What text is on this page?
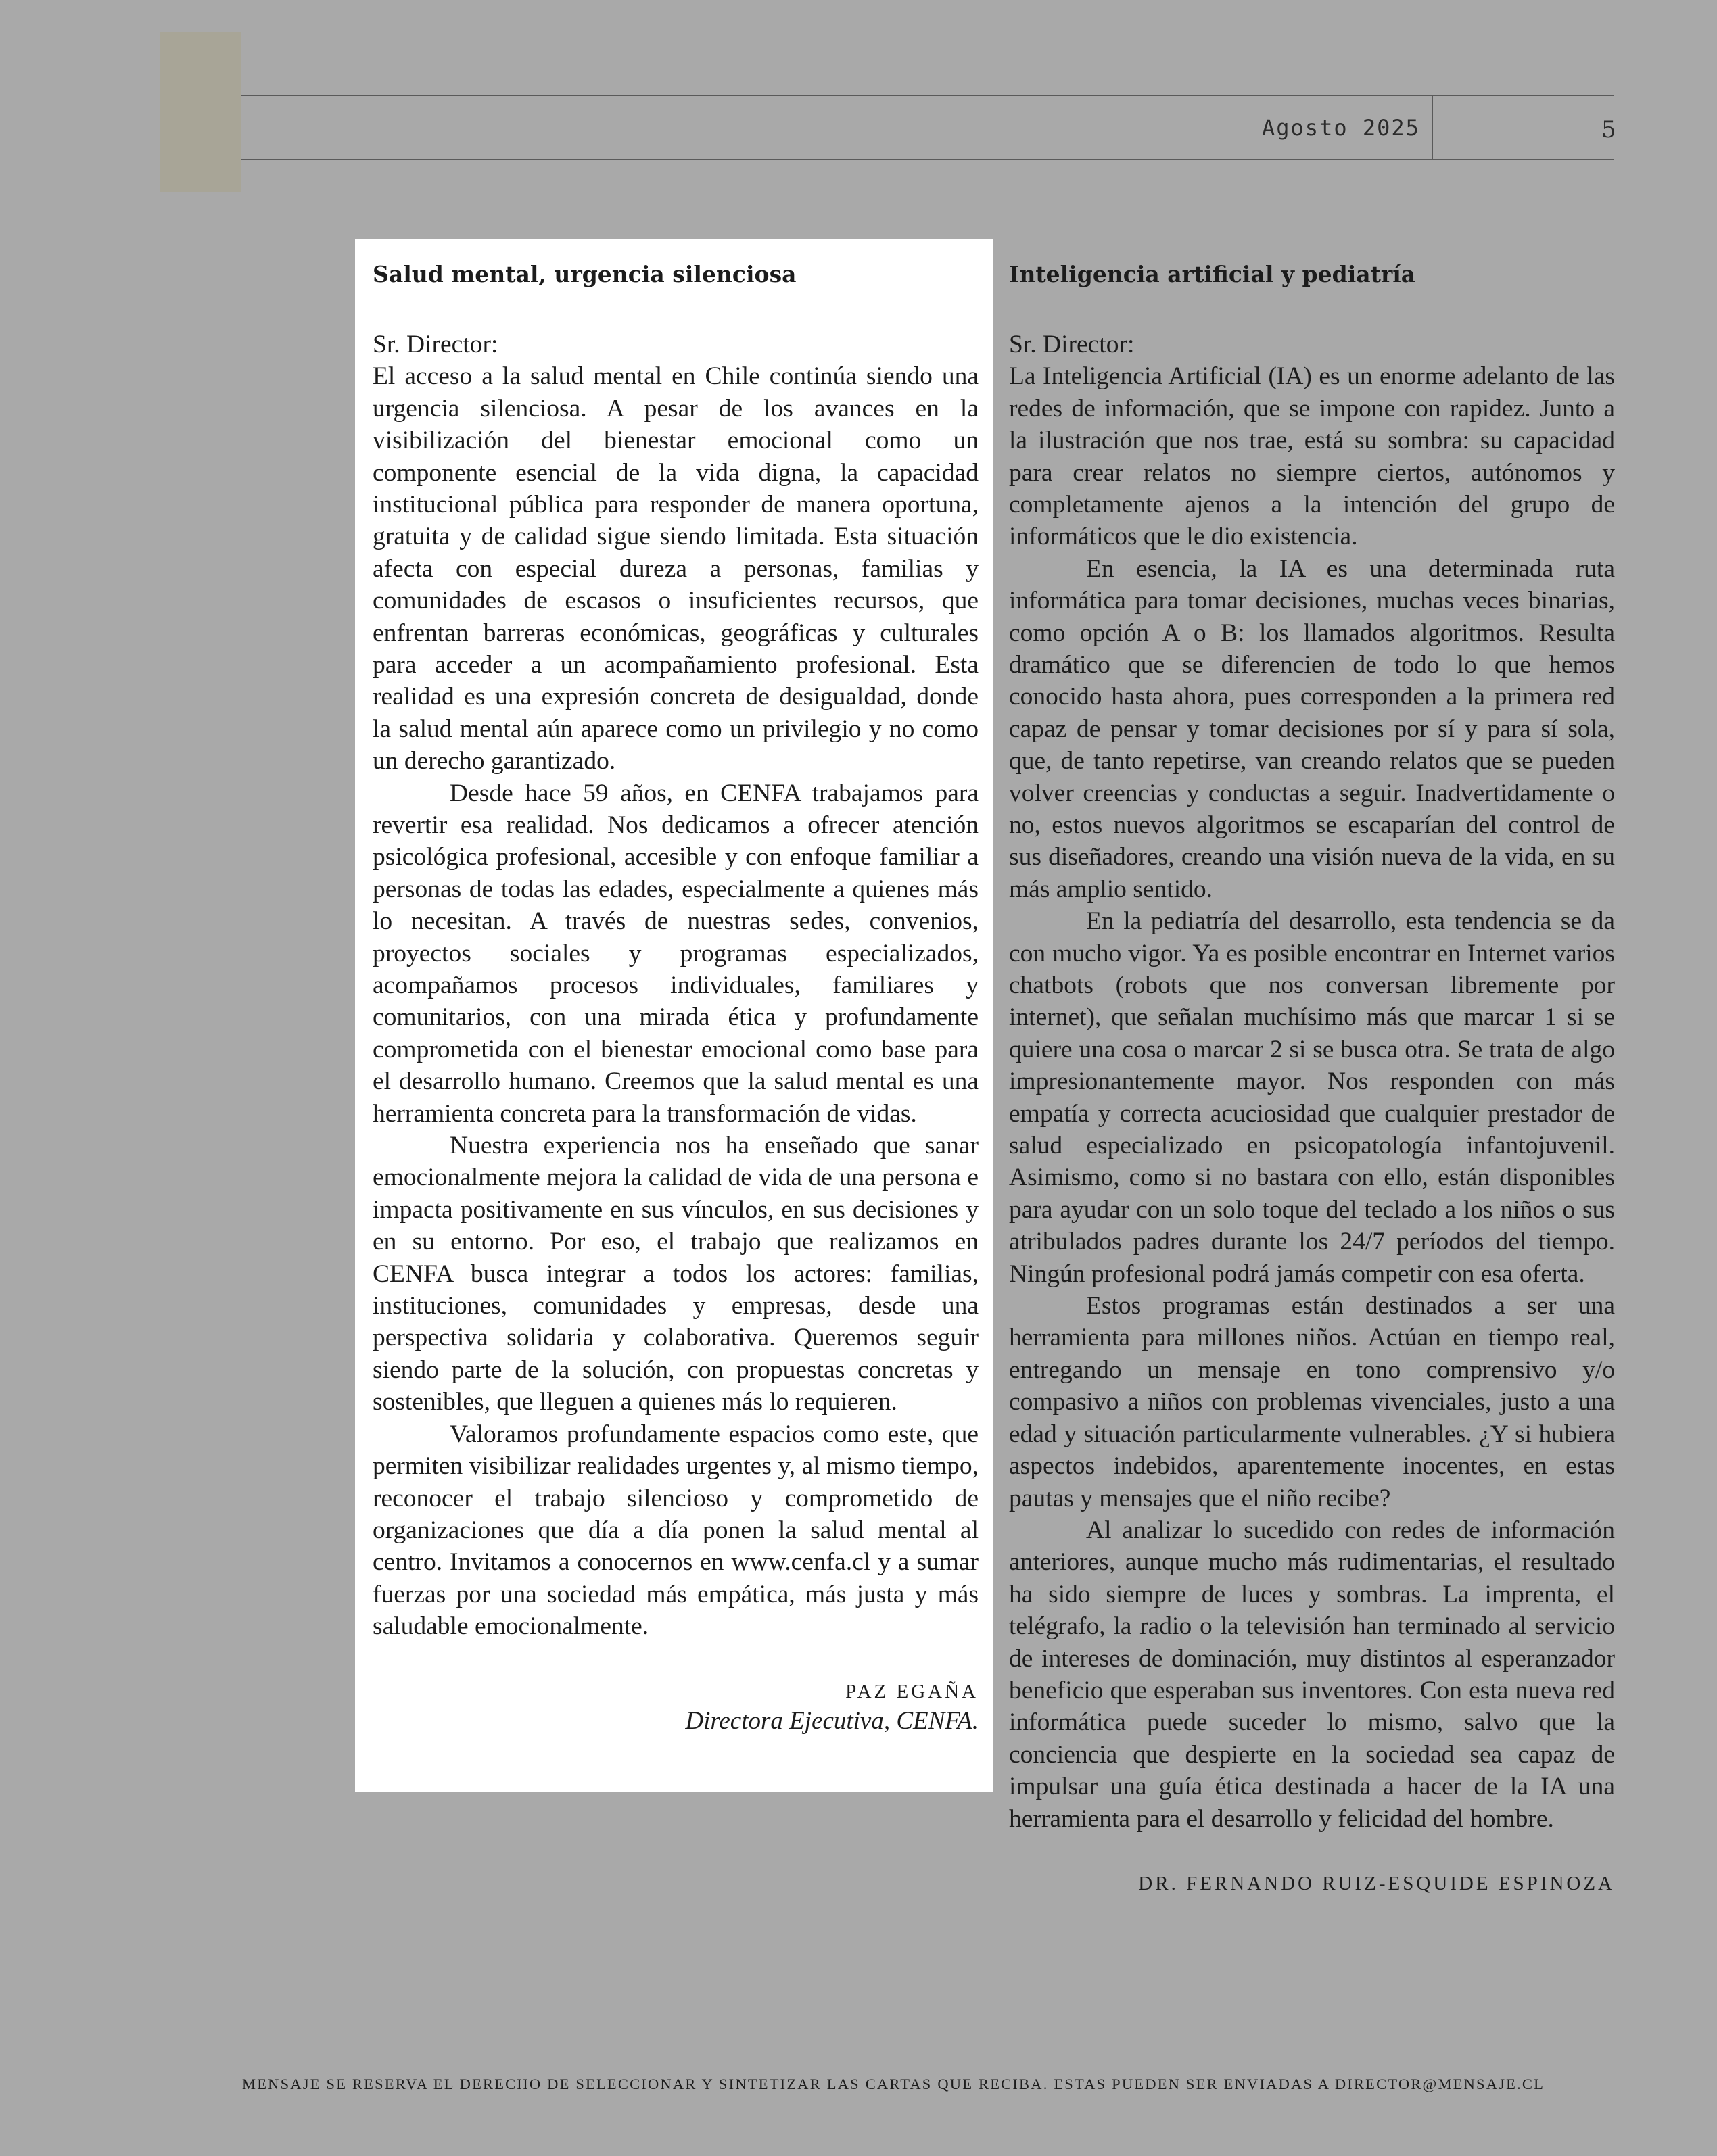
Agosto 2025	5
Salud mental, urgencia silenciosa

Sr. Director:

El acceso a la salud mental en Chile continúa siendo una urgencia silenciosa. A pesar de los avances en la visibilización del bienestar emocional como un componente esencial de la vida digna, la capacidad institucional pública para responder de manera oportuna, gratuita y de calidad sigue siendo limitada. Esta situación afecta con especial dureza a personas, familias y comunidades de escasos o insuficientes recursos, que enfrentan barreras económicas, geográficas y culturales para acceder a un acompañamiento profesional. Esta realidad es una expresión concreta de desigualdad, donde la salud mental aún aparece como un privilegio y no como un derecho garantizado.

Desde hace 59 años, en CENFA trabajamos para revertir esa realidad. Nos dedicamos a ofrecer atención psicológica profesional, accesible y con enfoque familiar a personas de todas las edades, especialmente a quienes más lo necesitan. A través de nuestras sedes, convenios, proyectos sociales y programas especializados, acompañamos procesos individuales, familiares y comunitarios, con una mirada ética y profundamente comprometida con el bienestar emocional como base para el desarrollo humano. Creemos que la salud mental es una herramienta concreta para la transformación de vidas.

Nuestra experiencia nos ha enseñado que sanar emocionalmente mejora la calidad de vida de una persona e impacta positivamente en sus vínculos, en sus decisiones y en su entorno. Por eso, el trabajo que realizamos en CENFA busca integrar a todos los actores: familias, instituciones, comunidades y empresas, desde una perspectiva solidaria y colaborativa. Queremos seguir siendo parte de la solución, con propuestas concretas y sostenibles, que lleguen a quienes más lo requieren.

Valoramos profundamente espacios como este, que permiten visibilizar realidades urgentes y, al mismo tiempo, reconocer el trabajo silencioso y comprometido de organizaciones que día a día ponen la salud mental al centro. Invitamos a conocernos en www.cenfa.cl y a sumar fuerzas por una sociedad más empática, más justa y más saludable emocionalmente.

PAZ EGAÑA
Directora Ejecutiva, CENFA.
Inteligencia artificial y pediatría

Sr. Director:

La Inteligencia Artificial (IA) es un enorme adelanto de las redes de información, que se impone con rapidez. Junto a la ilustración que nos trae, está su sombra: su capacidad para crear relatos no siempre ciertos, autónomos y completamente ajenos a la intención del grupo de informáticos que le dio existencia.

En esencia, la IA es una determinada ruta informática para tomar decisiones, muchas veces binarias, como opción A o B: los llamados algoritmos. Resulta dramático que se diferencien de todo lo que hemos conocido hasta ahora, pues corresponden a la primera red capaz de pensar y tomar decisiones por sí y para sí sola, que, de tanto repetirse, van creando relatos que se pueden volver creencias y conductas a seguir. Inadvertidamente o no, estos nuevos algoritmos se escaparían del control de sus diseñadores, creando una visión nueva de la vida, en su más amplio sentido.

En la pediatría del desarrollo, esta tendencia se da con mucho vigor. Ya es posible encontrar en Internet varios chatbots (robots que nos conversan libremente por internet), que señalan muchísimo más que marcar 1 si se quiere una cosa o marcar 2 si se busca otra. Se trata de algo impresionantemente mayor. Nos responden con más empatía y correcta acuciosidad que cualquier prestador de salud especializado en psicopatología infantojuvenil. Asimismo, como si no bastara con ello, están disponibles para ayudar con un solo toque del teclado a los niños o sus atribulados padres durante los 24/7 períodos del tiempo. Ningún profesional podrá jamás competir con esa oferta.

Estos programas están destinados a ser una herramienta para millones niños. Actúan en tiempo real, entregando un mensaje en tono comprensivo y/o compasivo a niños con problemas vivenciales, justo a una edad y situación particularmente vulnerables. ¿Y si hubiera aspectos indebidos, aparentemente inocentes, en estas pautas y mensajes que el niño recibe?

Al analizar lo sucedido con redes de información anteriores, aunque mucho más rudimentarias, el resultado ha sido siempre de luces y sombras. La imprenta, el telégrafo, la radio o la televisión han terminado al servicio de intereses de dominación, muy distintos al esperanzador beneficio que esperaban sus inventores. Con esta nueva red informática puede suceder lo mismo, salvo que la conciencia que despierte en la sociedad sea capaz de impulsar una guía ética destinada a hacer de la IA una herramienta para el desarrollo y felicidad del hombre.

DR. FERNANDO RUIZ-ESQUIDE ESPINOZA
MENSAJE SE RESERVA EL DERECHO DE SELECCIONAR Y SINTETIZAR LAS CARTAS QUE RECIBA. ESTAS PUEDEN SER ENVIADAS A DIRECTOR@MENSAJE.CL
